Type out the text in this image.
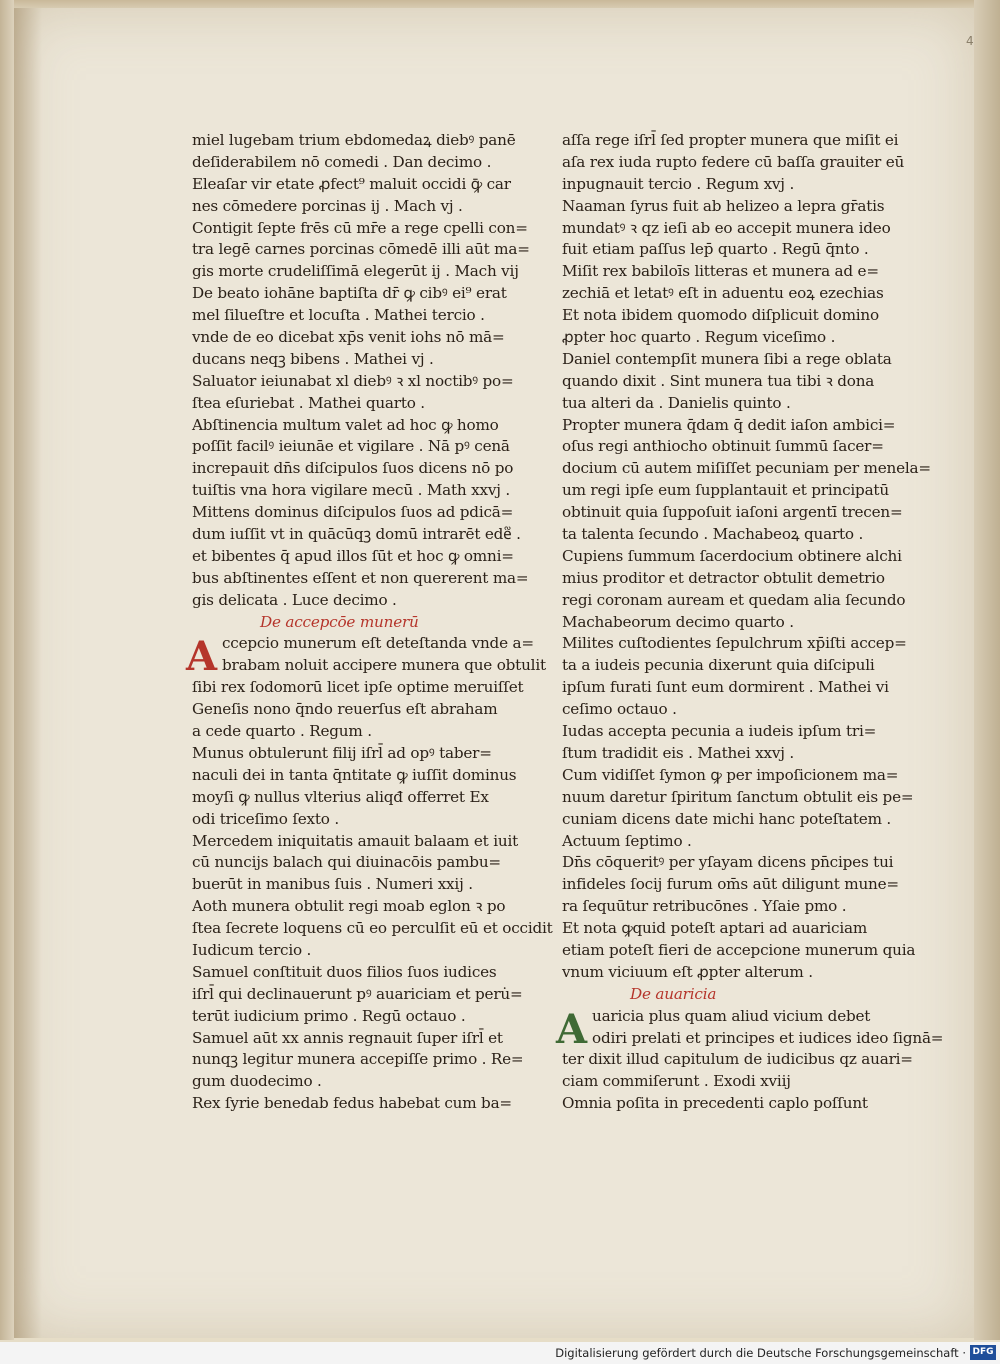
4
miel lugebam trium ebdomedaꝝ diebꝰ panē
deſiderabilem nō comedi . Dan decimo .
Eleaſar vir etate ꝓfect⁹ maluit occidi ꝙ̄ car
nes cōmedere porcinas ij . Mach vj .
Contigit ſepte frēs cū mr̄e a rege cpelli con=
tra legē carnes porcinas cōmedē illi aūt ma=
gis morte crudeliſſimā elegerūt ij . Mach vij
De beato iohāne baptiſta dr̄ ꝙ cibꝰ ei⁹ erat
mel ſilueſtre et locuſta . Mathei tercio .
vnde de eo dicebat xp̄s venit iohs nō mā=
ducans neqꝫ bibens . Mathei vj .
Saluator ieiunabat xl diebꝰ ꝛ xl noctibꝰ po=
ſtea eſuriebat . Mathei quarto .
Abſtinencia multum valet ad hoc ꝙ homo
poſſit facilꝰ ieiunāe et vigilare . Nā pꝰ cenā
increpauit dn̄s diſcipulos ſuos dicens nō po
tuiſtis vna hora vigilare mecū . Math xxvj .
Mittens dominus diſcipulos ſuos ad pdicā=
dum iuſſit vt in quācūqꝫ domū intrarēt ede᷑ .
et bibentes q̄ apud illos ſūt et hoc ꝙ omni=
bus abſtinentes eſſent et non quererent ma=
gis delicata . Luce decimo .
De accepcōe munerū
A ccepcio munerum eſt deteſtanda vnde a=
brabam noluit accipere munera que obtulit
ſibi rex ſodomorū licet ipſe optime meruiſſet
Geneſis nono q̄ndo reuerſus eſt abraham
a cede quarto . Regum .
Munus obtulerunt filij iſrl̄ ad opꝰ taber=
naculi dei in tanta q̄ntitate ꝙ iuſſit dominus
moyſi ꝙ nullus vlterius aliqđ offerret Ex
odi triceſimo ſexto .
Mercedem iniquitatis amauit balaam et iuit
cū nuncijs balach qui diuinacōis pambu=
buerūt in manibus ſuis . Numeri xxij .
Aoth munera obtulit regi moab eglon ꝛ po
ſtea ſecrete loquens cū eo perculſit eū et occidit
Iudicum tercio .
Samuel conſtituit duos filios ſuos iudices
iſrl̄ qui declinauerunt pꝰ auariciam et peru̇=
terūt iudicium primo . Regū octauo .
Samuel aūt xx annis regnauit ſuper iſrl̄ et
nunqꝫ legitur munera accepiſſe primo . Re=
gum duodecimo .
Rex ſyrie benedab fedus habebat cum ba=
aſſa rege iſrl̄ ſed propter munera que miſit ei
aſa rex iuda rupto federe cū baſſa grauiter eū
inpugnauit tercio . Regum xvj .
Naaman ſyrus fuit ab helizeo a lepra gr̄atis
mundatꝰ ꝛ qz ieſi ab eo accepit munera ideo
fuit etiam paſſus lep̄ quarto . Regū q̄nto .
Miſit rex babiloīs litteras et munera ad e=
zechiā et letatꝰ eſt in aduentu eoꝝ ezechias
Et nota ibidem quomodo diſplicuit domino
ꝓpter hoc quarto . Regum viceſimo .
Daniel contempſit munera ſibi a rege oblata
quando dixit . Sint munera tua tibi ꝛ dona
tua alteri da . Danielis quinto .
Propter munera q̄dam q̄ dedit iaſon ambici=
oſus regi anthiocho obtinuit ſummū ſacer=
docium cū autem miſiſſet pecuniam per menela=
um regi ipſe eum ſupplantauit et principatū
obtinuit quia ſuppoſuit iaſoni argentī trecen=
ta talenta ſecundo . Machabeoꝝ quarto .
Cupiens ſummum ſacerdocium obtinere alchi
mius proditor et detractor obtulit demetrio
regi coronam auream et quedam alia ſecundo
Machabeorum decimo quarto .
Milites cuſtodientes ſepulchrum xp̄iſti accep=
ta a iudeis pecunia dixerunt quia diſcipuli
ipſum furati ſunt eum dormirent . Mathei vi
ceſimo octauo .
Iudas accepta pecunia a iudeis ipſum tri=
ſtum tradidit eis . Mathei xxvj .
Cum vidiſſet ſymon ꝙ per impoſicionem ma=
nuum daretur ſpiritum ſanctum obtulit eis pe=
cuniam dicens date michi hanc poteſtatem .
Actuum ſeptimo .
Dn̄s cōqueritꝰ per yſayam dicens pn̄cipes tui
infideles ſocij furum om̄s aūt diligunt mune=
ra ſequūtur retribucōnes . Yſaie pmo .
Et nota ꝙquid poteſt aptari ad auariciam
etiam poteſt fieri de accepcione munerum quia
vnum viciuum eſt ꝓpter alterum .
De auaricia
A uaricia plus quam aliud vicium debet
odiri prelati et principes et iudices ideo ſignā=
ter dixit illud capitulum de iudicibus qz auari=
ciam commiſerunt . Exodi xviij
Omnia poſita in precedenti caplo poſſunt
Digitalisierung gefördert durch die Deutsche Forschungsgemeinschaft · DFG
